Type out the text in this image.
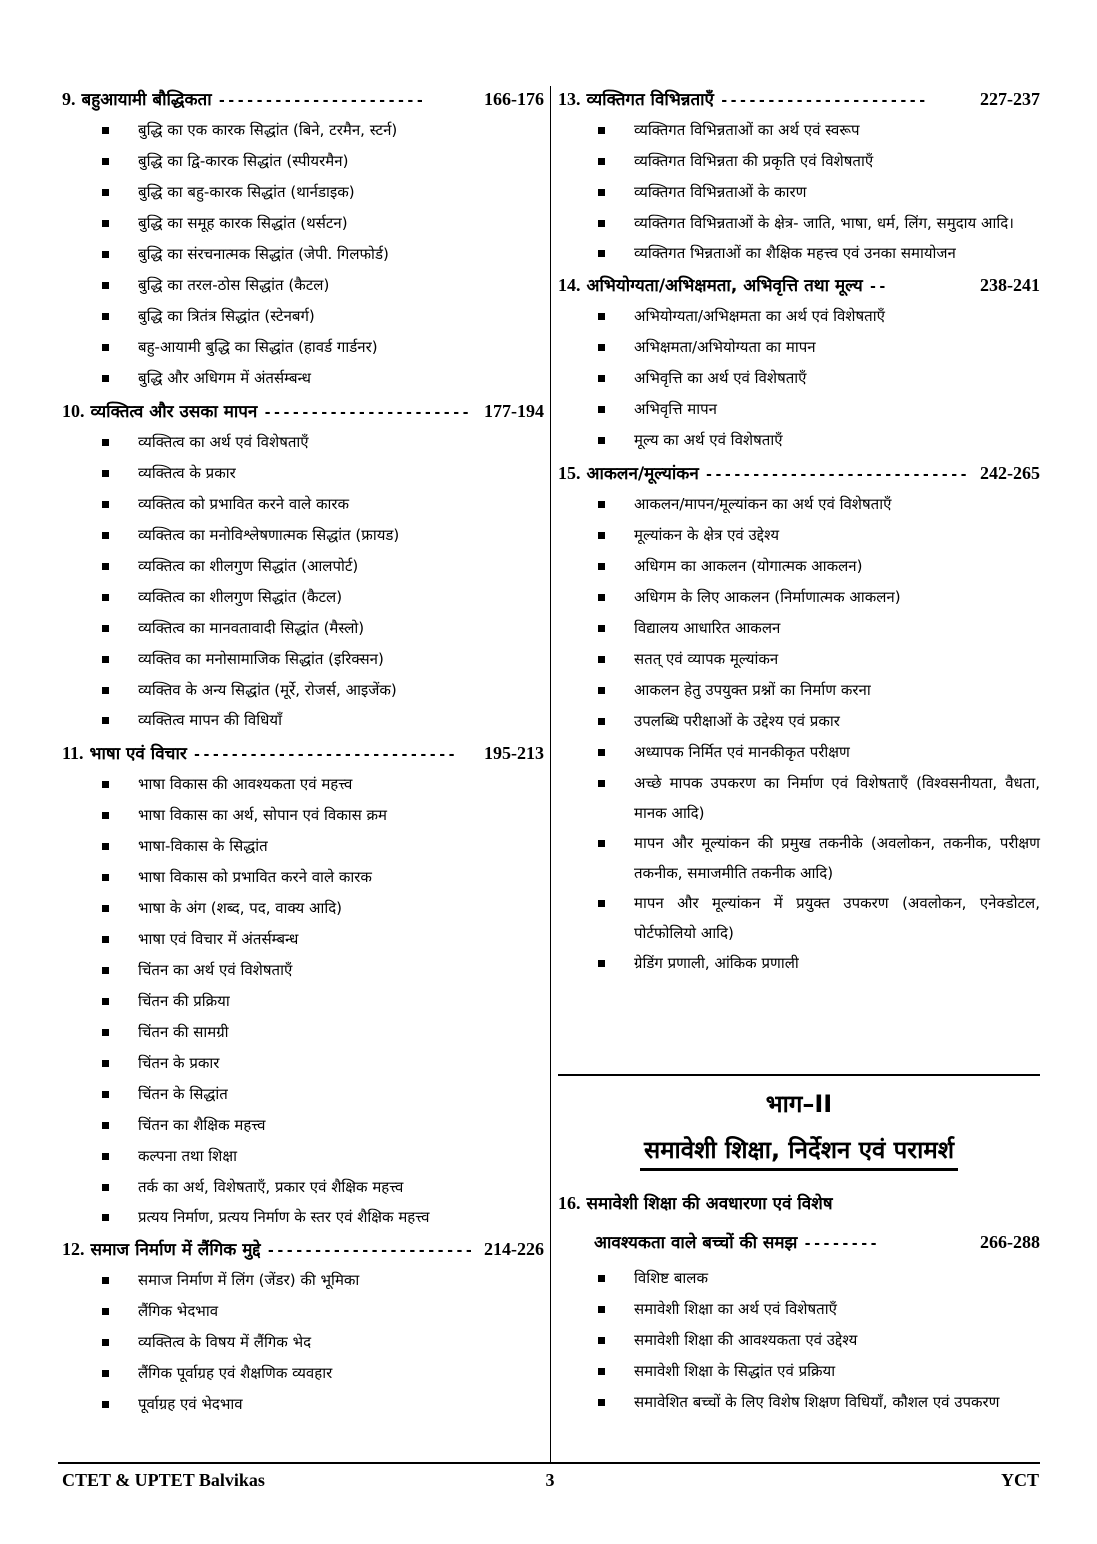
9. बहुआयामी बौद्धिकता ----------------------	166-176
बुद्धि का एक कारक सिद्धांत (बिने, टरमैन, स्टर्न)
बुद्धि का द्वि-कारक सिद्धांत (स्पीयरमैन)
बुद्धि का बहु-कारक सिद्धांत (थार्नडाइक)
बुद्धि का समूह कारक सिद्धांत (थर्सटन)
बुद्धि का संरचनात्मक सिद्धांत (जेपी. गिलफोर्ड)
बुद्धि का तरल-ठोस सिद्धांत (कैटल)
बुद्धि का त्रितंत्र सिद्धांत (स्टेनबर्ग)
बहु-आयामी बुद्धि का सिद्धांत (हावर्ड गार्डनर)
बुद्धि और अधिगम में अंतर्सम्बन्ध
10. व्यक्तित्व और उसका मापन ---------------------- 177-194
व्यक्तित्व का अर्थ एवं विशेषताएँ
व्यक्तित्व के प्रकार
व्यक्तित्व को प्रभावित करने वाले कारक
व्यक्तित्व का मनोविश्लेषणात्मक सिद्धांत (फ्रायड)
व्यक्तित्व का शीलगुण सिद्धांत (आलपोर्ट)
व्यक्तित्व का शीलगुण सिद्धांत (कैटल)
व्यक्तित्व का मानवतावादी सिद्धांत (मैस्लो)
व्यक्तिव का मनोसामाजिक सिद्धांत (इरिक्सन)
व्यक्तिव के अन्य सिद्धांत (मूर्रे, रोजर्स, आइजेंक)
व्यक्तित्व मापन की विधियाँ
11. भाषा एवं विचार ----------------------------	195-213
भाषा विकास की आवश्यकता एवं महत्त्व
भाषा विकास का अर्थ, सोपान एवं विकास क्रम
भाषा-विकास के सिद्धांत
भाषा विकास को प्रभावित करने वाले कारक
भाषा के अंग (शब्द, पद, वाक्य आदि)
भाषा एवं विचार में अंतर्सम्बन्ध
चिंतन का अर्थ एवं विशेषताएँ
चिंतन की प्रक्रिया
चिंतन की सामग्री
चिंतन के प्रकार
चिंतन के सिद्धांत
चिंतन का शैक्षिक महत्त्व
कल्पना तथा शिक्षा
तर्क का अर्थ, विशेषताएँ, प्रकार एवं शैक्षिक महत्त्व
प्रत्यय निर्माण, प्रत्यय निर्माण के स्तर एवं शैक्षिक महत्त्व
12. समाज निर्माण में लैंगिक मुद्दे ---------------------- 214-226
समाज निर्माण में लिंग (जेंडर) की भूमिका
लैंगिक भेदभाव
व्यक्तित्व के विषय में लैंगिक भेद
लैंगिक पूर्वाग्रह एवं शैक्षणिक व्यवहार
पूर्वाग्रह एवं भेदभाव
13. व्यक्तिगत विभिन्नताएँ ----------------------	227-237
व्यक्तिगत विभिन्नताओं का अर्थ एवं स्वरूप
व्यक्तिगत विभिन्नता की प्रकृति एवं विशेषताएँ
व्यक्तिगत विभिन्नताओं के कारण
व्यक्तिगत विभिन्नताओं के क्षेत्र- जाति, भाषा, धर्म, लिंग, समुदाय आदि।
व्यक्तिगत भिन्नताओं का शैक्षिक महत्त्व एवं उनका समायोजन
14. अभियोग्यता/अभिक्षमता, अभिवृत्ति तथा मूल्य --	238-241
अभियोग्यता/अभिक्षमता का अर्थ एवं विशेषताएँ
अभिक्षमता/अभियोग्यता का मापन
अभिवृत्ति का अर्थ एवं विशेषताएँ
अभिवृत्ति मापन
मूल्य का अर्थ एवं विशेषताएँ
15. आकलन/मूल्यांकन ---------------------------- 242-265
आकलन/मापन/मूल्यांकन का अर्थ एवं विशेषताएँ
मूल्यांकन के क्षेत्र एवं उद्देश्य
अधिगम का आकलन (योगात्मक आकलन)
अधिगम के लिए आकलन (निर्माणात्मक आकलन)
विद्यालय आधारित आकलन
सतत् एवं व्यापक मूल्यांकन
आकलन हेतु उपयुक्त प्रश्नों का निर्माण करना
उपलब्धि परीक्षाओं के उद्देश्य एवं प्रकार
अध्यापक निर्मित एवं मानकीकृत परीक्षण
अच्छे मापक उपकरण का निर्माण एवं विशेषताएँ (विश्वसनीयता, वैधता, मानक आदि)
मापन और मूल्यांकन की प्रमुख तकनीके (अवलोकन, तकनीक, परीक्षण तकनीक, समाजमीति तकनीक आदि)
मापन और मूल्यांकन में प्रयुक्त उपकरण (अवलोकन, एनेक्डोटल, पोर्टफोलियो आदि)
ग्रेडिंग प्रणाली, आंकिक प्रणाली
भाग–II
समावेशी शिक्षा, निर्देशन एवं परामर्श
16. समावेशी शिक्षा की अवधारणा एवं विशेष
आवश्यकता वाले बच्चों की समझ --------	266-288
विशिष्ट बालक
समावेशी शिक्षा का अर्थ एवं विशेषताएँ
समावेशी शिक्षा की आवश्यकता एवं उद्देश्य
समावेशी शिक्षा के सिद्धांत एवं प्रक्रिया
समावेशित बच्चों के लिए विशेष शिक्षण विधियाँ, कौशल एवं उपकरण
CTET & UPTET Balvikas	3	YCT
